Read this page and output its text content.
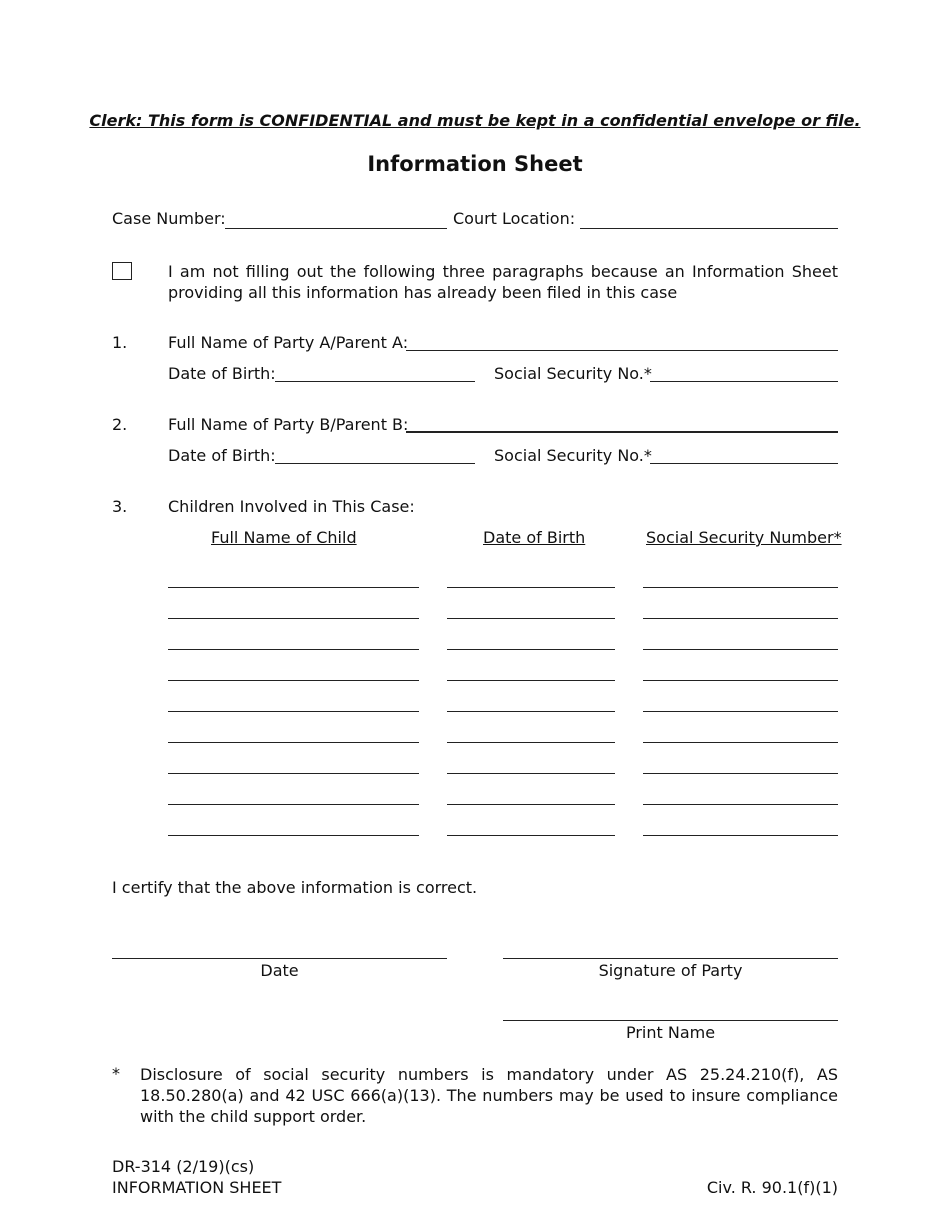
Clerk: This form is CONFIDENTIAL and must be kept in a confidential envelope or file.
Information Sheet
Case Number:	Court Location:
I am not filling out the following three paragraphs because an Information Sheet providing all this information has already been filed in this case
1.	Full Name of Party A/Parent A:
Date of Birth:	Social Security No.*
2.	Full Name of Party B/Parent B:
Date of Birth:	Social Security No.*
3.	Children Involved in This Case:
Full Name of Child	Date of Birth	Social Security Number*
I certify that the above information is correct.
Date	Signature of Party
Print Name
* Disclosure of social security numbers is mandatory under AS 25.24.210(f), AS 18.50.280(a) and 42 USC 666(a)(13). The numbers may be used to insure compliance with the child support order.
DR-314 (2/19)(cs)
INFORMATION SHEET	Civ. R. 90.1(f)(1)
